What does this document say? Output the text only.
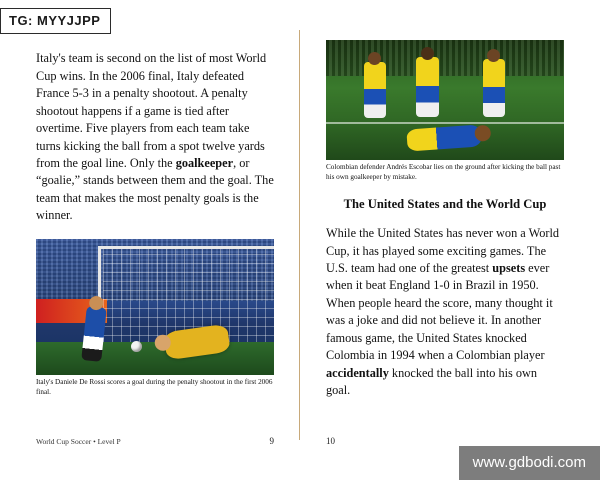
Italy's team is second on the list of most World Cup wins. In the 2006 final, Italy defeated France 5-3 in a penalty shootout. A penalty shootout happens if a game is tied after overtime. Five players from each team take turns kicking the ball from a spot twelve yards from the goal line. Only the goalkeeper, or “goalie,” stands between them and the goal. The team that makes the most penalty goals is the winner.

Italy's Daniele De Rossi scores a goal during the penalty shootout in the first 2006 final.
World Cup Soccer • Level P	9
Colombian defender Andrés Escobar lies on the ground after kicking the ball past his own goalkeeper by mistake.
The United States and the World Cup

While the United States has never won a World Cup, it has played some exciting games. The U.S. team had one of the greatest upsets ever when it beat England 1-0 in Brazil in 1950. When people heard the score, many thought it was a joke and did not believe it. In another famous game, the United States knocked Colombia in 1994 when a Colombian player accidentally knocked the ball into his own goal.

10
TG: MYYJJPP
www.gdbodi.com
